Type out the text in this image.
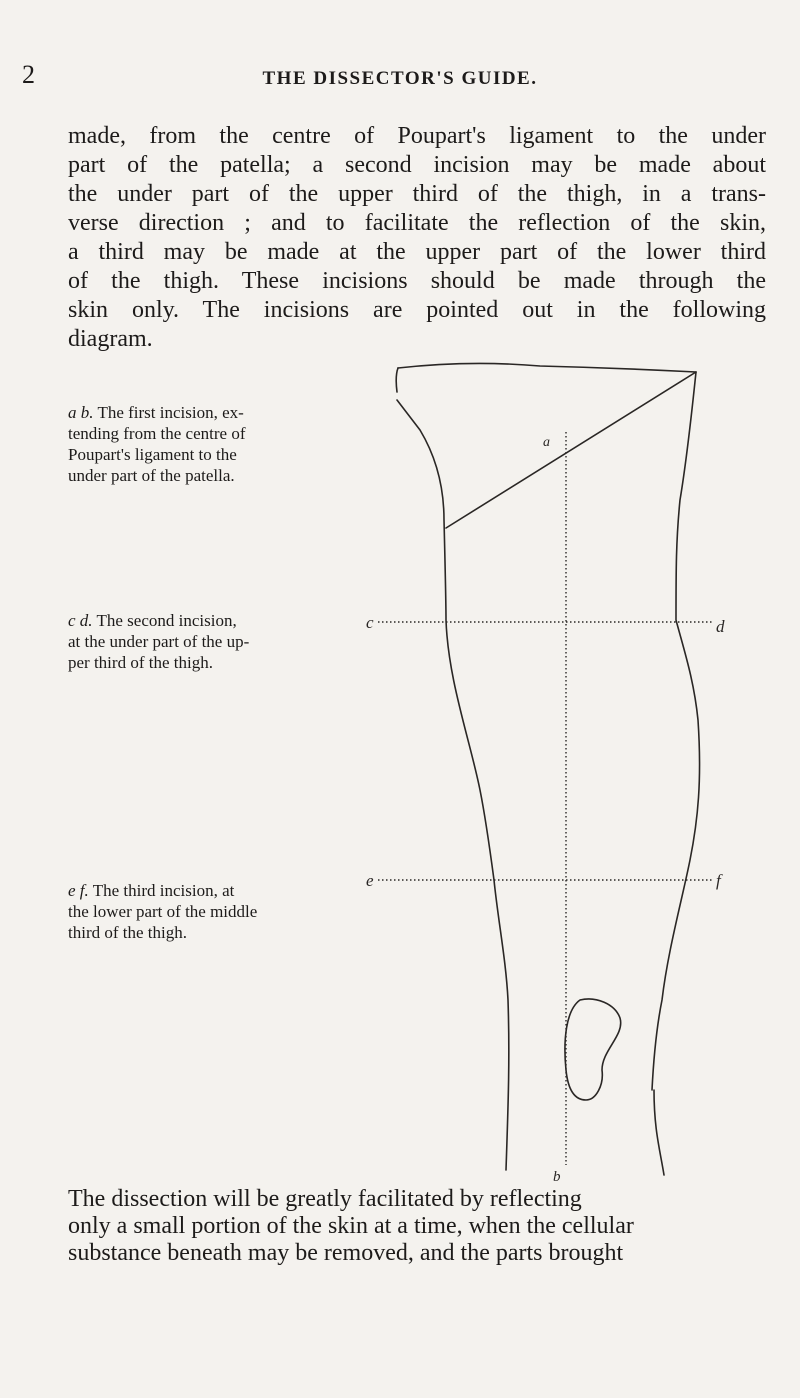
2	THE DISSECTOR'S GUIDE.
made, from the centre of Poupart's ligament to the under
part of the patella; a second incision may be made about
the under part of the upper third of the thigh, in a trans-
verse direction ; and to facilitate the reflection of the skin,
a third may be made at the upper part of the lower third
of the thigh. These incisions should be made through the
skin only. The incisions are pointed out in the following
diagram.
a b. The first incision, ex-
tending from the centre of
Poupart's ligament to the
under part of the patella.
c d. The second incision,
at the under part of the up-
per third of the thigh.
e f. The third incision, at
the lower part of the middle
third of the thigh.
a
b
c	d
e	f
The dissection will be greatly facilitated by reflecting
only a small portion of the skin at a time, when the cellular
substance beneath may be removed, and the parts brought
